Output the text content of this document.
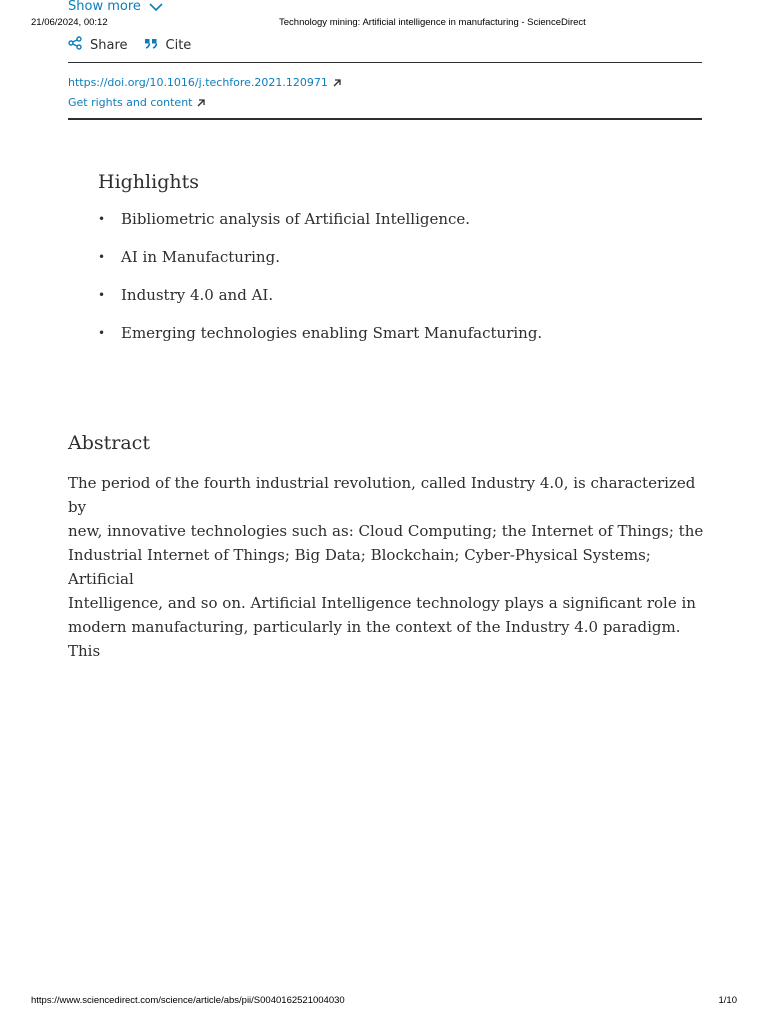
21/06/2024, 00:12	Technology mining: Artificial intelligence in manufacturing - ScienceDirect
Show more
Share	Cite
https://doi.org/10.1016/j.techfore.2021.120971
Get rights and content
Highlights
• Bibliometric analysis of Artificial Intelligence.
• AI in Manufacturing.
• Industry 4.0 and AI.
• Emerging technologies enabling Smart Manufacturing.
Abstract

The period of the fourth industrial revolution, called Industry 4.0, is characterized by
new, innovative technologies such as: Cloud Computing; the Internet of Things; the
Industrial Internet of Things; Big Data; Blockchain; Cyber-Physical Systems; Artificial
Intelligence, and so on. Artificial Intelligence technology plays a significant role in
modern manufacturing, particularly in the context of the Industry 4.0 paradigm. This

https://www.sciencedirect.com/science/article/abs/pii/S0040162521004030	1/10
